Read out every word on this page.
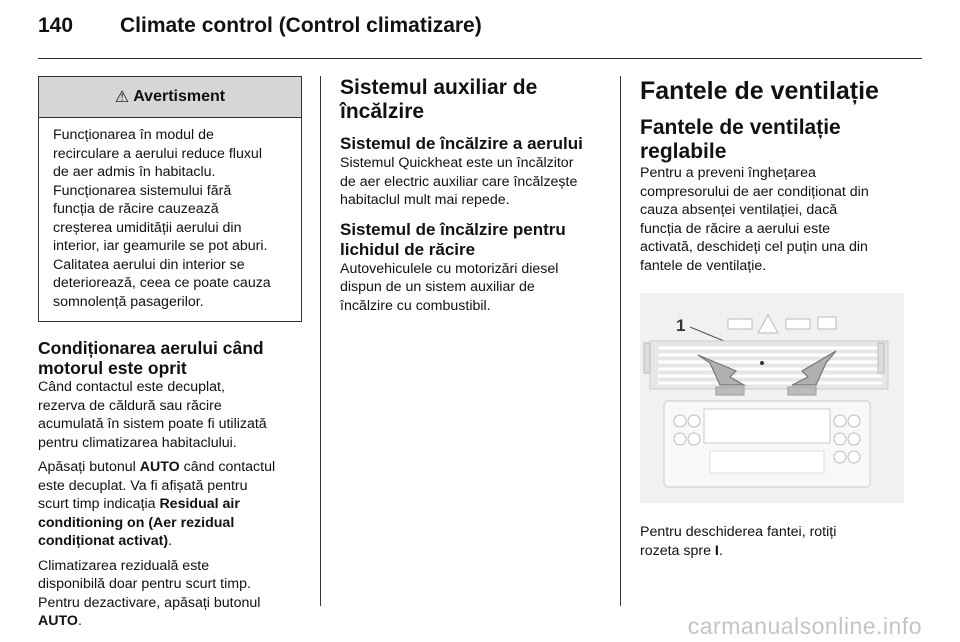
140 Climate control (Control climatizare)
⚠ Avertisment
Funcționarea în modul de
recirculare a aerului reduce fluxul
de aer admis în habitaclu.
Funcționarea sistemului fără
funcția de răcire cauzează
creșterea umidității aerului din
interior, iar geamurile se pot aburi.
Calitatea aerului din interior se
deteriorează, ceea ce poate cauza
somnolență pasagerilor.
Condiționarea aerului când
motorul este oprit
Când contactul este decuplat,
rezerva de căldură sau răcire
acumulată în sistem poate fi utilizată
pentru climatizarea habitaclului.
Apăsați butonul AUTO când contactul
este decuplat. Va fi afișată pentru
scurt timp indicația Residual air
conditioning on (Aer rezidual
condiționat activat).
Climatizarea reziduală este
disponibilă doar pentru scurt timp.
Pentru dezactivare, apăsați butonul
AUTO.
Sistemul auxiliar de
încălzire
Sistemul de încălzire a aerului
Sistemul Quickheat este un încălzitor
de aer electric auxiliar care încălzește
habitaclul mult mai repede.
Sistemul de încălzire pentru
lichidul de răcire
Autovehiculele cu motorizări diesel
dispun de un sistem auxiliar de
încălzire cu combustibil.
Fantele de ventilație
Fantele de ventilație
reglabile
Pentru a preveni înghețarea
compresorului de aer condiționat din
cauza absenței ventilației, dacă
funcția de răcire a aerului este
activată, deschideți cel puțin una din
fantele de ventilație.
1
Pentru deschiderea fantei, rotiți
rozeta spre I.
carmanualsonline.info
